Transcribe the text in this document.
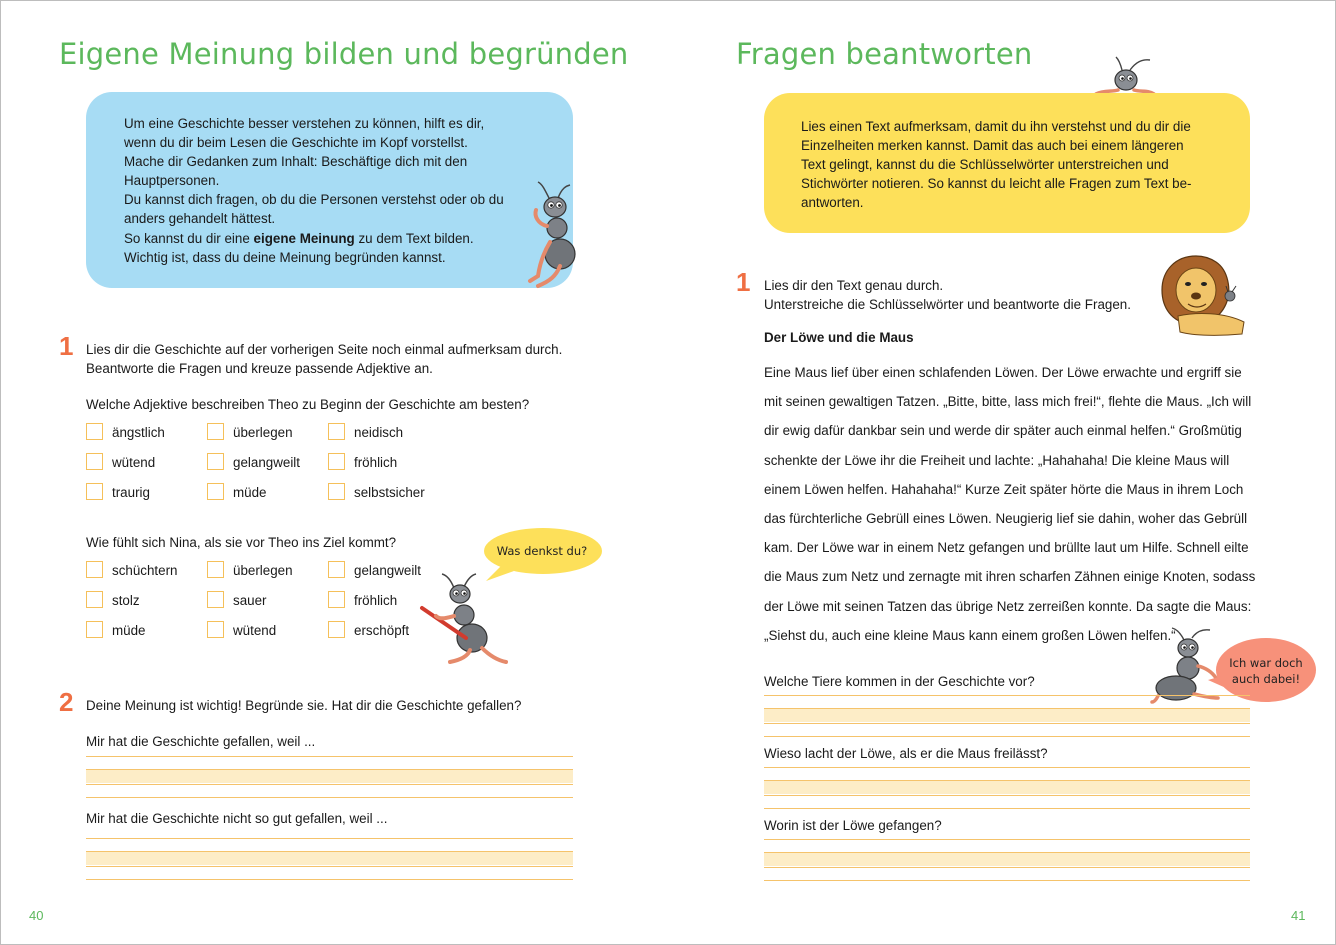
Eigene Meinung bilden und begründen
Um eine Geschichte besser verstehen zu können, hilft es dir,
wenn du dir beim Lesen die Geschichte im Kopf vorstellst.
Mache dir Gedanken zum Inhalt: Beschäftige dich mit den
Hauptpersonen.
Du kannst dich fragen, ob du die Personen verstehst oder ob du
anders gehandelt hättest.
So kannst du dir eine eigene Meinung zu dem Text bilden.
Wichtig ist, dass du deine Meinung begründen kannst.
1 Lies dir die Geschichte auf der vorherigen Seite noch einmal aufmerksam durch.
Beantworte die Fragen und kreuze passende Adjektive an.
Welche Adjektive beschreiben Theo zu Beginn der Geschichte am besten?
ängstlich	überlegen	neidisch
wütend	gelangweilt	fröhlich
traurig	müde	selbstsicher
Wie fühlt sich Nina, als sie vor Theo ins Ziel kommt?
schüchtern	überlegen	gelangweilt
stolz	sauer	fröhlich
müde	wütend	erschöpft
Was denkst du?
2 Deine Meinung ist wichtig! Begründe sie. Hat dir die Geschichte gefallen?
Mir hat die Geschichte gefallen, weil ...
Mir hat die Geschichte nicht so gut gefallen, weil ...
40
Fragen beantworten
Lies einen Text aufmerksam, damit du ihn verstehst und du dir die
Einzelheiten merken kannst. Damit das auch bei einem längeren
Text gelingt, kannst du die Schlüsselwörter unterstreichen und
Stichwörter notieren. So kannst du leicht alle Fragen zum Text be-
antworten.
1 Lies dir den Text genau durch.
Unterstreiche die Schlüsselwörter und beantworte die Fragen.
Der Löwe und die Maus
Eine Maus lief über einen schlafenden Löwen. Der Löwe erwachte und ergriff sie
mit seinen gewaltigen Tatzen. „Bitte, bitte, lass mich frei!“, flehte die Maus. „Ich will
dir ewig dafür dankbar sein und werde dir später auch einmal helfen.“ Großmütig
schenkte der Löwe ihr die Freiheit und lachte: „Hahahaha! Die kleine Maus will
einem Löwen helfen. Hahahaha!“ Kurze Zeit später hörte die Maus in ihrem Loch
das fürchterliche Gebrüll eines Löwen. Neugierig lief sie dahin, woher das Gebrüll
kam. Der Löwe war in einem Netz gefangen und brüllte laut um Hilfe. Schnell eilte
die Maus zum Netz und zernagte mit ihren scharfen Zähnen einige Knoten, sodass
der Löwe mit seinen Tatzen das übrige Netz zerreißen konnte. Da sagte die Maus:
„Siehst du, auch eine kleine Maus kann einem großen Löwen helfen.“
Ich war doch
auch dabei!
Welche Tiere kommen in der Geschichte vor?
Wieso lacht der Löwe, als er die Maus freilässt?
Worin ist der Löwe gefangen?
41
